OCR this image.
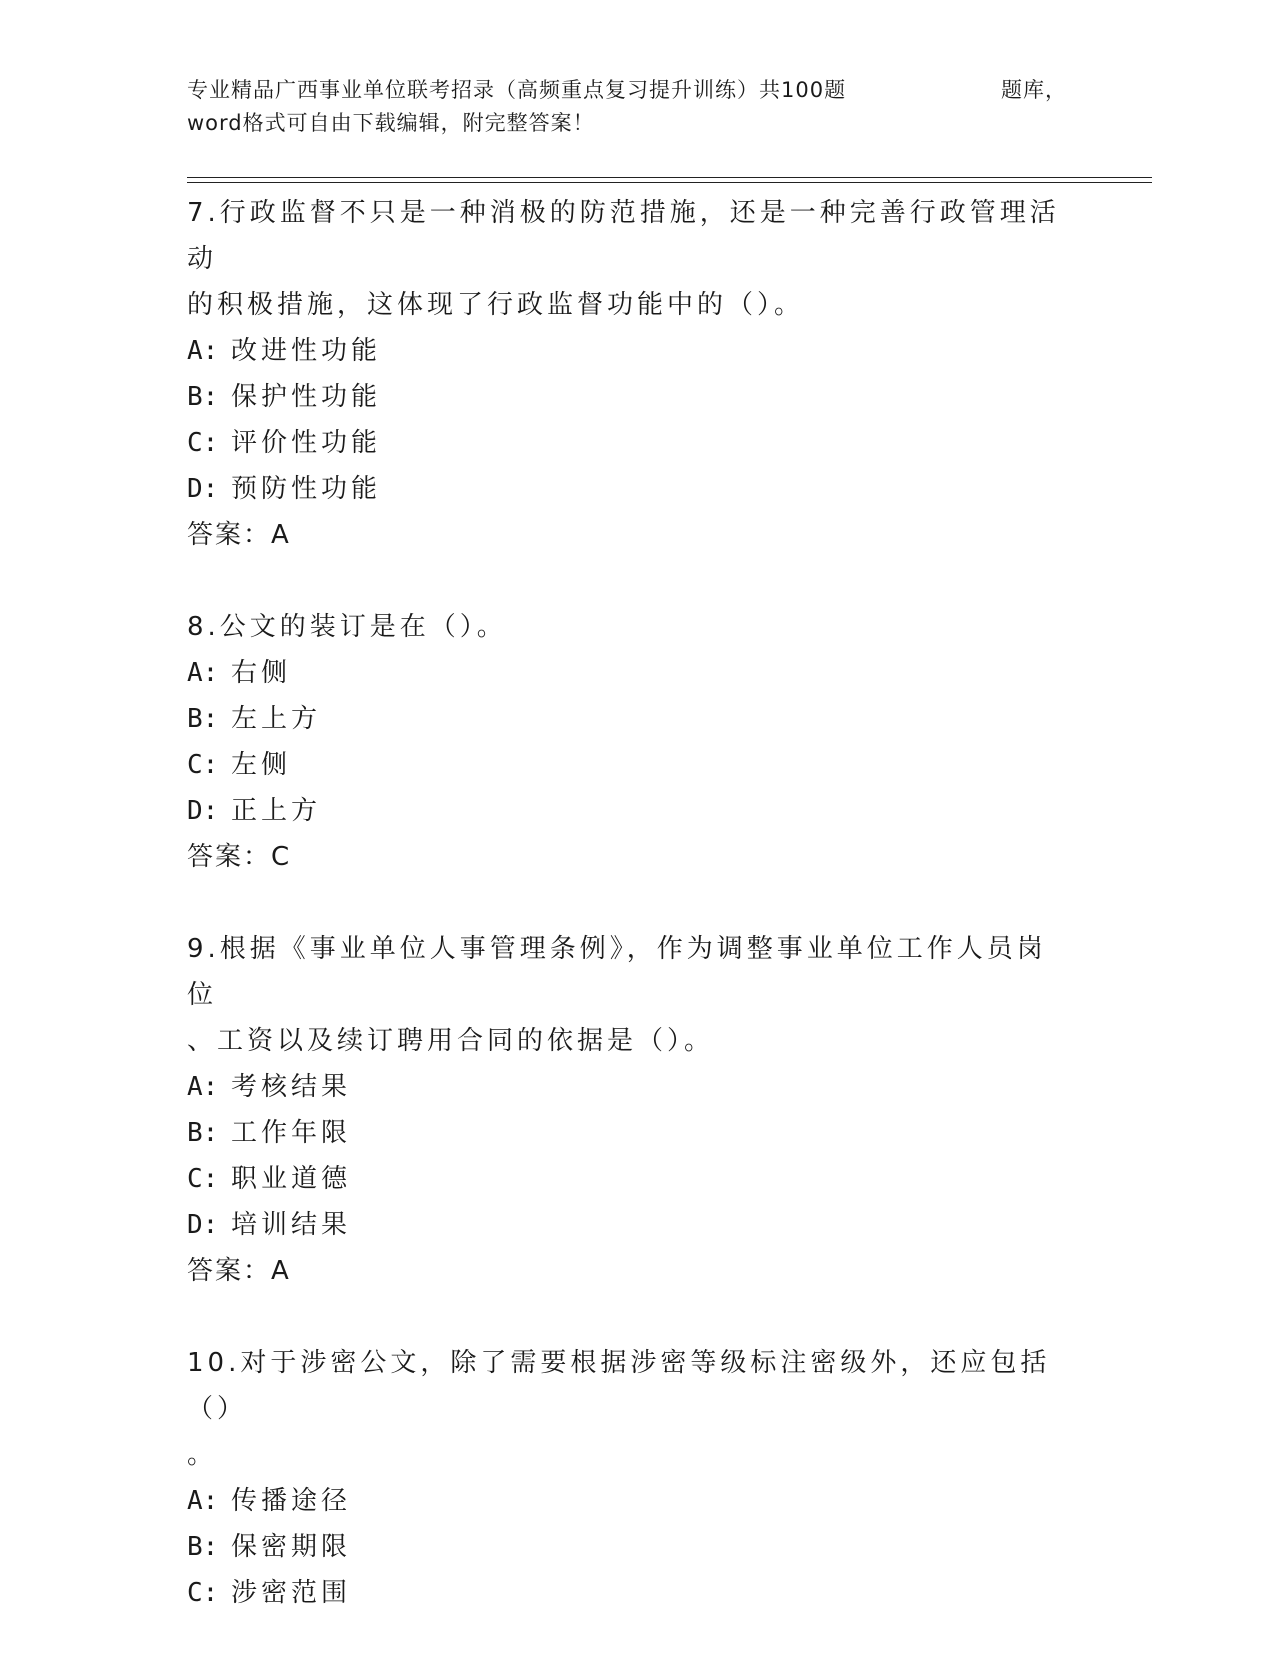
专业精品广西事业单位联考招录（高频重点复习提升训练）共100题	题库，
word格式可自由下载编辑，附完整答案！
7.行政监督不只是一种消极的防范措施，还是一种完善行政管理活动
的积极措施，这体现了行政监督功能中的（）。
A: 改进性功能
B: 保护性功能
C: 评价性功能
D: 预防性功能
答案：A
8.公文的装订是在（）。
A: 右侧
B: 左上方
C: 左侧
D: 正上方
答案：C
9.根据《事业单位人事管理条例》，作为调整事业单位工作人员岗位
、工资以及续订聘用合同的依据是（）。
A: 考核结果
B: 工作年限
C: 职业道德
D: 培训结果
答案：A
10.对于涉密公文，除了需要根据涉密等级标注密级外，还应包括（）
。
A: 传播途径
B: 保密期限
C: 涉密范围
